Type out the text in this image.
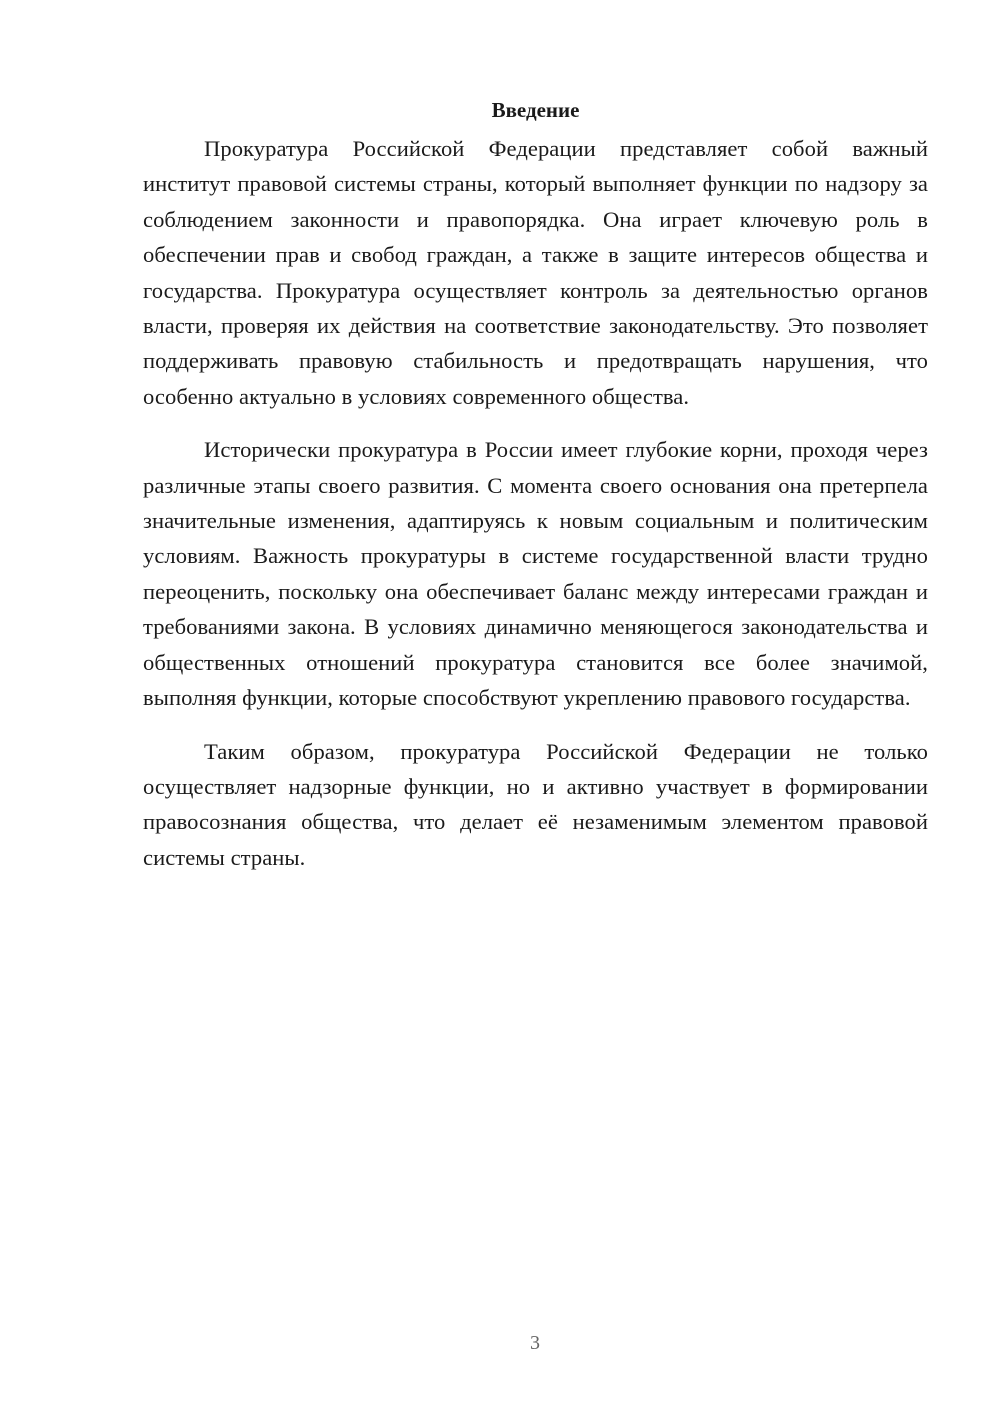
Введение

Прокуратура Российской Федерации представляет собой важный институт правовой системы страны, который выполняет функции по надзору за соблюдением законности и правопорядка. Она играет ключевую роль в обеспечении прав и свобод граждан, а также в защите интересов общества и государства. Прокуратура осуществляет контроль за деятельностью органов власти, проверяя их действия на соответствие законодательству. Это позволяет поддерживать правовую стабильность и предотвращать нарушения, что особенно актуально в условиях современного общества.

Исторически прокуратура в России имеет глубокие корни, проходя через различные этапы своего развития. С момента своего основания она претерпела значительные изменения, адаптируясь к новым социальным и политическим условиям. Важность прокуратуры в системе государственной власти трудно переоценить, поскольку она обеспечивает баланс между интересами граждан и требованиями закона. В условиях динамично меняющегося законодательства и общественных отношений прокуратура становится все более значимой, выполняя функции, которые способствуют укреплению правового государства.

Таким образом, прокуратура Российской Федерации не только осуществляет надзорные функции, но и активно участвует в формировании правосознания общества, что делает её незаменимым элементом правовой системы страны.

3
